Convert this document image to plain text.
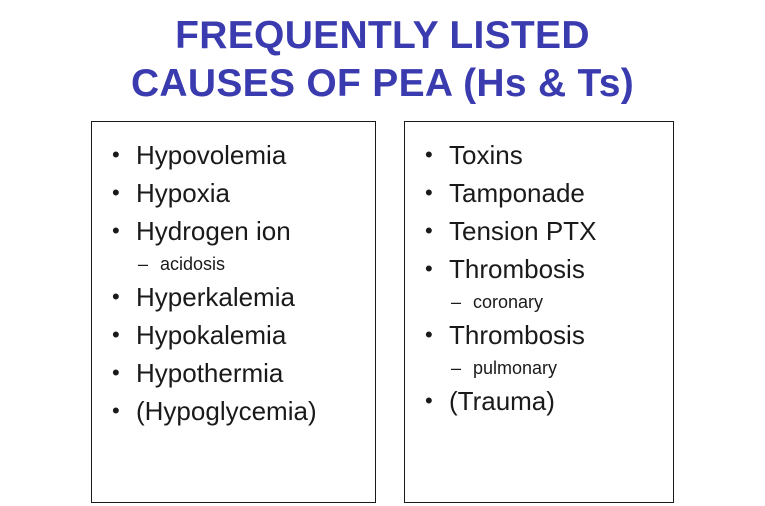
FREQUENTLY LISTED
CAUSES OF PEA (Hs & Ts)
• Hypovolemia
• Hypoxia
• Hydrogen ion
– acidosis
• Hyperkalemia
• Hypokalemia
• Hypothermia
• (Hypoglycemia)
• Toxins
• Tamponade
• Tension PTX
• Thrombosis
– coronary
• Thrombosis
– pulmonary
• (Trauma)
